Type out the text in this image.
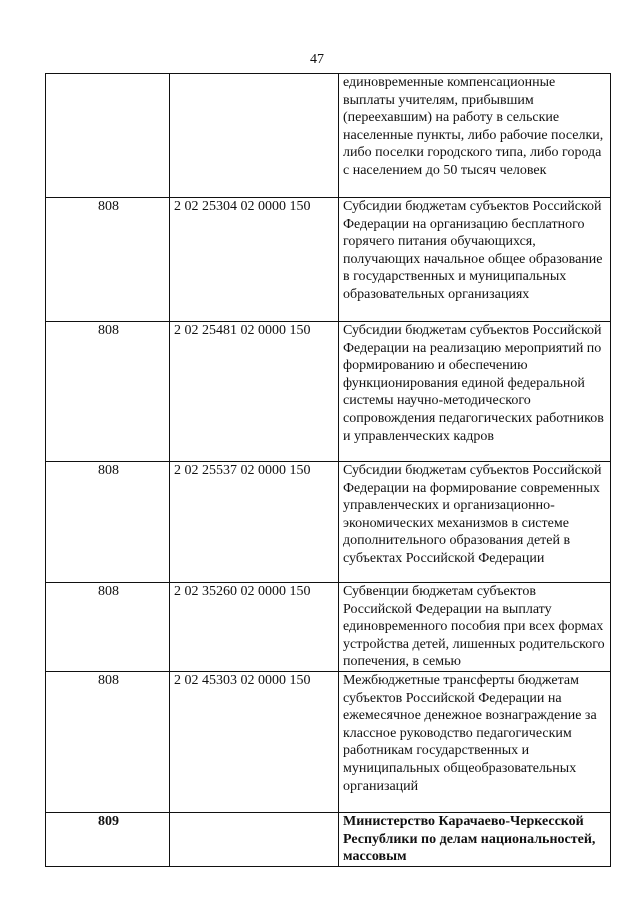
47
		единовременные компенсационные выплаты учителям, прибывшим (переехавшим) на работу в сельские населенные пункты, либо рабочие поселки, либо поселки городского типа, либо города с населением до 50 тысяч человек
808	2 02 25304 02 0000 150	Субсидии бюджетам субъектов Российской Федерации на организацию бесплатного горячего питания обучающихся, получающих начальное общее образование в государственных и муниципальных образовательных организациях
808	2 02 25481 02 0000 150	Субсидии бюджетам субъектов Российской Федерации на реализацию мероприятий по формированию и обеспечению функционирования единой федеральной системы научно-методического сопровождения педагогических работников и управленческих кадров
808	2 02 25537 02 0000 150	Субсидии бюджетам субъектов Российской Федерации на формирование современных управленческих и организационно-экономических механизмов в системе дополнительного образования детей в субъектах Российской Федерации
808	2 02 35260 02 0000 150	Субвенции бюджетам субъектов Российской Федерации на выплату единовременного пособия при всех формах устройства детей, лишенных родительского попечения, в семью
808	2 02 45303 02 0000 150	Межбюджетные трансферты бюджетам субъектов Российской Федерации на ежемесячное денежное вознаграждение за классное руководство педагогическим работникам государственных и муниципальных общеобразовательных организаций
809		Министерство Карачаево-Черкесской Республики по делам национальностей, массовым
